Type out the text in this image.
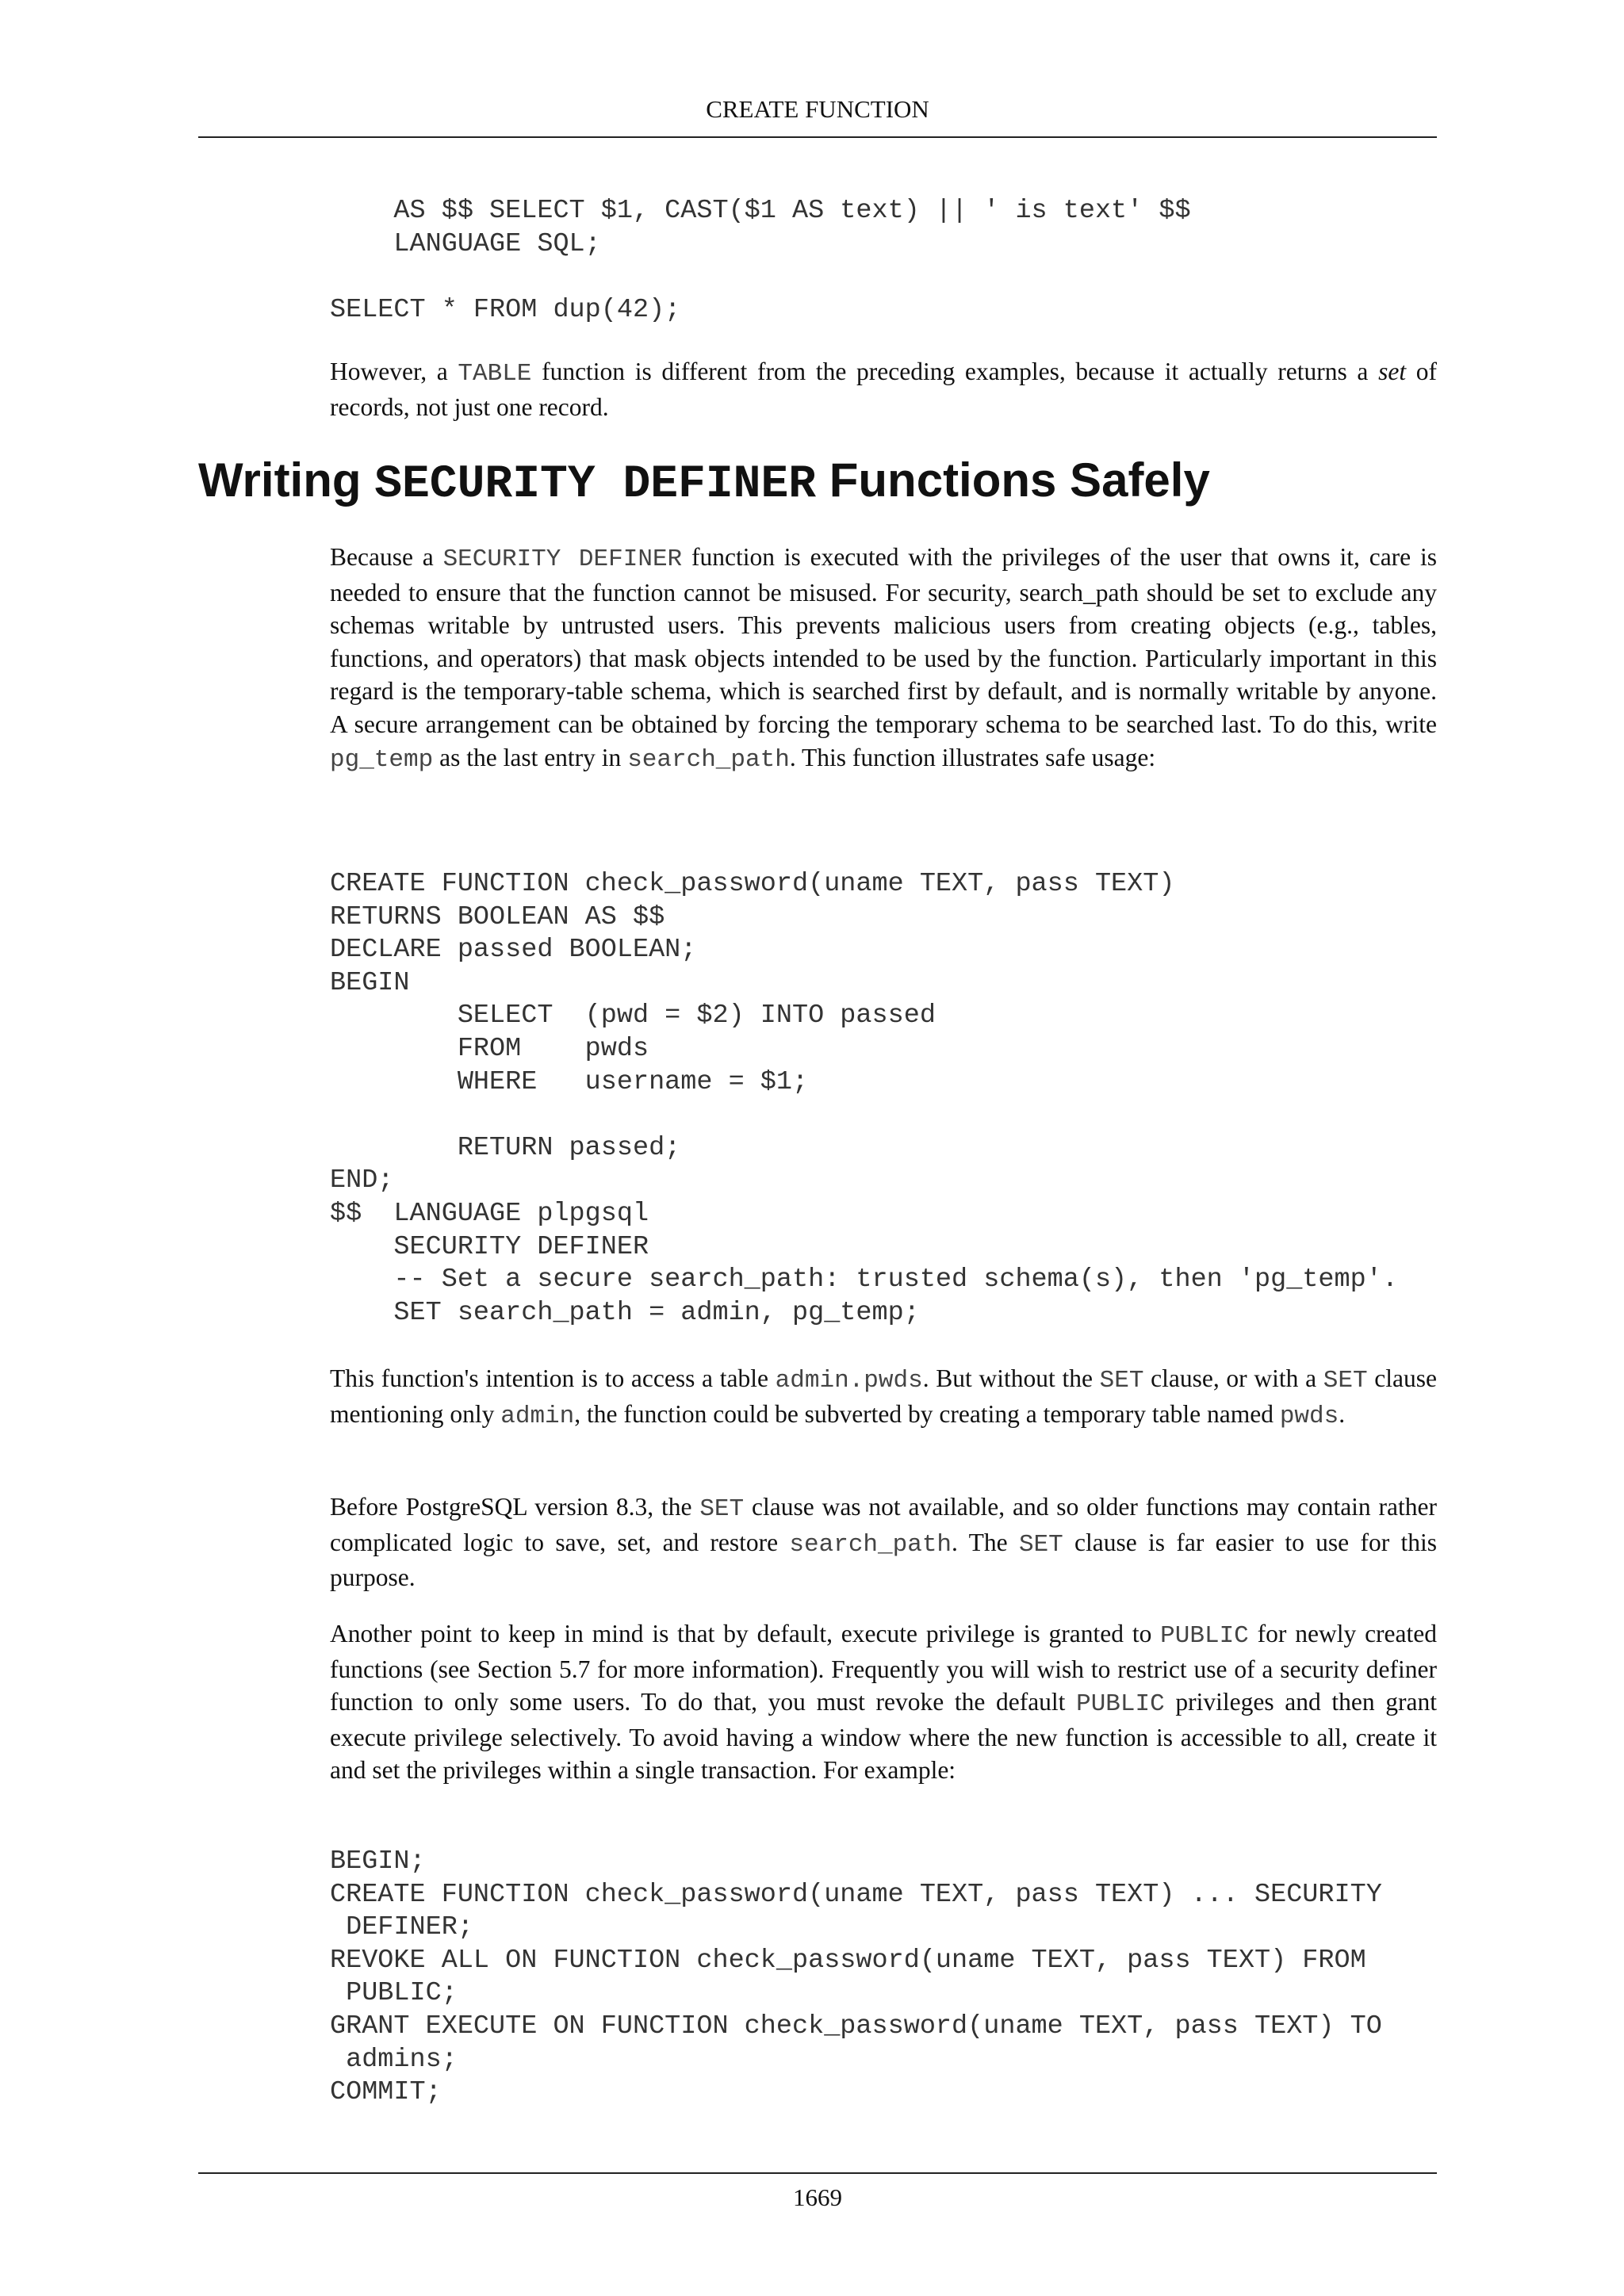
CREATE FUNCTION
AS $$ SELECT $1, CAST($1 AS text) || ' is text' $$
LANGUAGE SQL;

SELECT * FROM dup(42);

However, a TABLE function is different from the preceding examples, because it actually returns a set of records, not just one record.

Writing SECURITY DEFINER Functions Safely

Because a SECURITY DEFINER function is executed with the privileges of the user that owns it, care is needed to ensure that the function cannot be misused. For security, search_path should be set to exclude any schemas writable by untrusted users. This prevents malicious users from creating objects (e.g., tables, functions, and operators) that mask objects intended to be used by the function. Particularly important in this regard is the temporary-table schema, which is searched first by default, and is normally writable by anyone. A secure arrangement can be obtained by forcing the temporary schema to be searched last. To do this, write pg_temp as the last entry in search_path. This function illustrates safe usage:

CREATE FUNCTION check_password(uname TEXT, pass TEXT)
RETURNS BOOLEAN AS $$
DECLARE passed BOOLEAN;
BEGIN
SELECT  (pwd = $2) INTO passed
FROM    pwds
WHERE   username = $1;

RETURN passed;
END;
$$  LANGUAGE plpgsql
SECURITY DEFINER
-- Set a secure search_path: trusted schema(s), then 'pg_temp'.
SET search_path = admin, pg_temp;

This function's intention is to access a table admin.pwds. But without the SET clause, or with a SET clause mentioning only admin, the function could be subverted by creating a temporary table named pwds.

Before PostgreSQL version 8.3, the SET clause was not available, and so older functions may contain rather complicated logic to save, set, and restore search_path. The SET clause is far easier to use for this purpose.

Another point to keep in mind is that by default, execute privilege is granted to PUBLIC for newly created functions (see Section 5.7 for more information). Frequently you will wish to restrict use of a security definer function to only some users. To do that, you must revoke the default PUBLIC privileges and then grant execute privilege selectively. To avoid having a window where the new function is accessible to all, create it and set the privileges within a single transaction. For example:

BEGIN;
CREATE FUNCTION check_password(uname TEXT, pass TEXT) ... SECURITY
DEFINER;
REVOKE ALL ON FUNCTION check_password(uname TEXT, pass TEXT) FROM
PUBLIC;
GRANT EXECUTE ON FUNCTION check_password(uname TEXT, pass TEXT) TO
admins;
COMMIT;
1669
